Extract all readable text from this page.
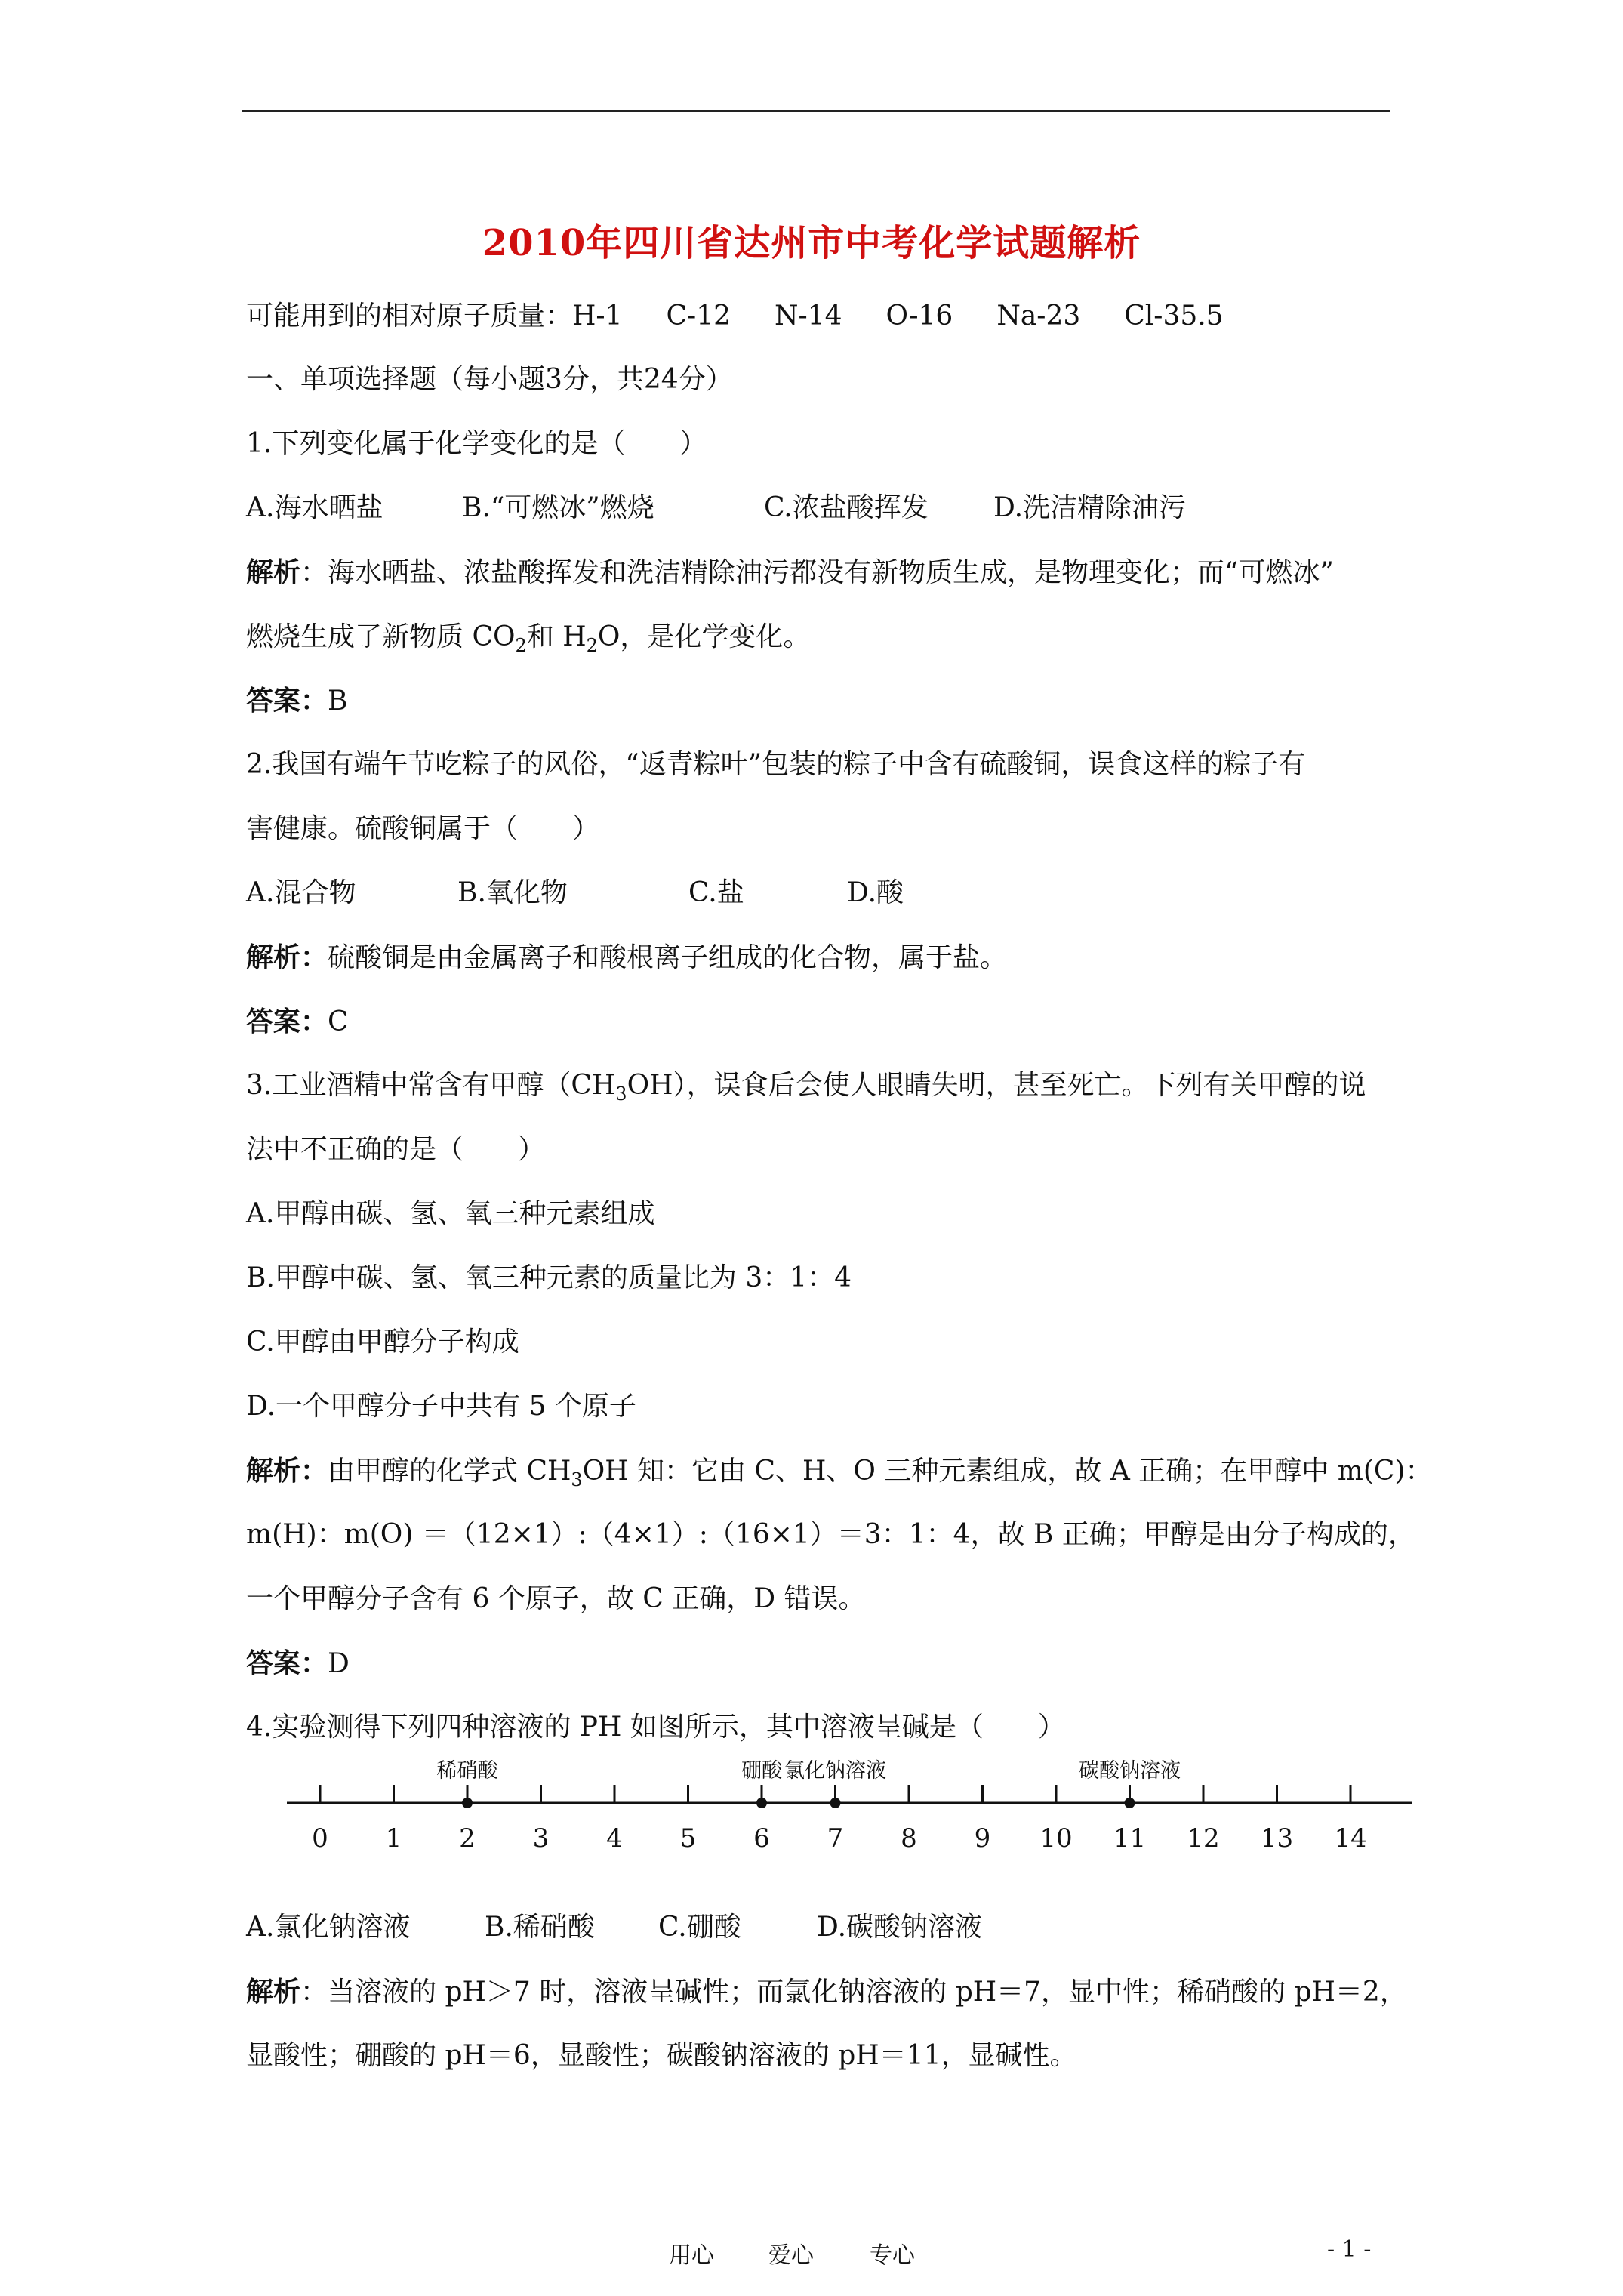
2010年四川省达州市中考化学试题解析
可能用到的相对原子质量：H-1 C-12 N-14 O-16 Na-23 Cl-35.5
一、单项选择题（每小题3分，共24分）
1.下列变化属于化学变化的是（　　）
A.海水晒盐	B.“可燃冰”燃烧	C.浓盐酸挥发 D.洗洁精除油污
解析：海水晒盐、浓盐酸挥发和洗洁精除油污都没有新物质生成，是物理变化；而“可燃冰”
燃烧生成了新物质 $CO_2$和 $H_2O$，是化学变化。
答案：B
2.我国有端午节吃粽子的风俗，“返青粽叶”包装的粽子中含有硫酸铜，误食这样的粽子有
害健康。硫酸铜属于（　　）
A.混合物	B.氧化物	C.盐	D.酸
解析：硫酸铜是由金属离子和酸根离子组成的化合物，属于盐。
答案：C
3.工业酒精中常含有甲醇$(CH_3OH)$，误食后会使人眼睛失明，甚至死亡。下列有关甲醇的说
法中不正确的是（　　）
A.甲醇由碳、氢、氧三种元素组成
B.甲醇中碳、氢、氧三种元素的质量比为 3：1：4
C.甲醇由甲醇分子构成
D.一个甲醇分子中共有 5 个原子
解析：由甲醇的化学式 $CH_3OH$ 知：它由 C、H、O 三种元素组成，故 A 正确；在甲醇中 m(C)：
m(H)：m(O) ＝（12×1）:（4×1）:（16×1）＝3：1：4，故 B 正确；甲醇是由分子构成的，
一个甲醇分子含有 6 个原子，故 C 正确，D 错误。
答案：D
4.实验测得下列四种溶液的 PH 如图所示，其中溶液呈碱是（　　）
0 1 2 3 4 5 6 7 8 9 10 11 12 13 14
稀硝酸	硼酸 氯化钠溶液	碳酸钠溶液
A.氯化钠溶液	B.稀硝酸 C.硼酸	D.碳酸钠溶液
解析：当溶液的 pH＞7 时，溶液呈碱性；而氯化钠溶液的 pH＝7，显中性；稀硝酸的 pH＝2，
显酸性；硼酸的 pH＝6，显酸性；碳酸钠溶液的 pH＝11，显碱性。
用心 爱心 专心	- 1 -
